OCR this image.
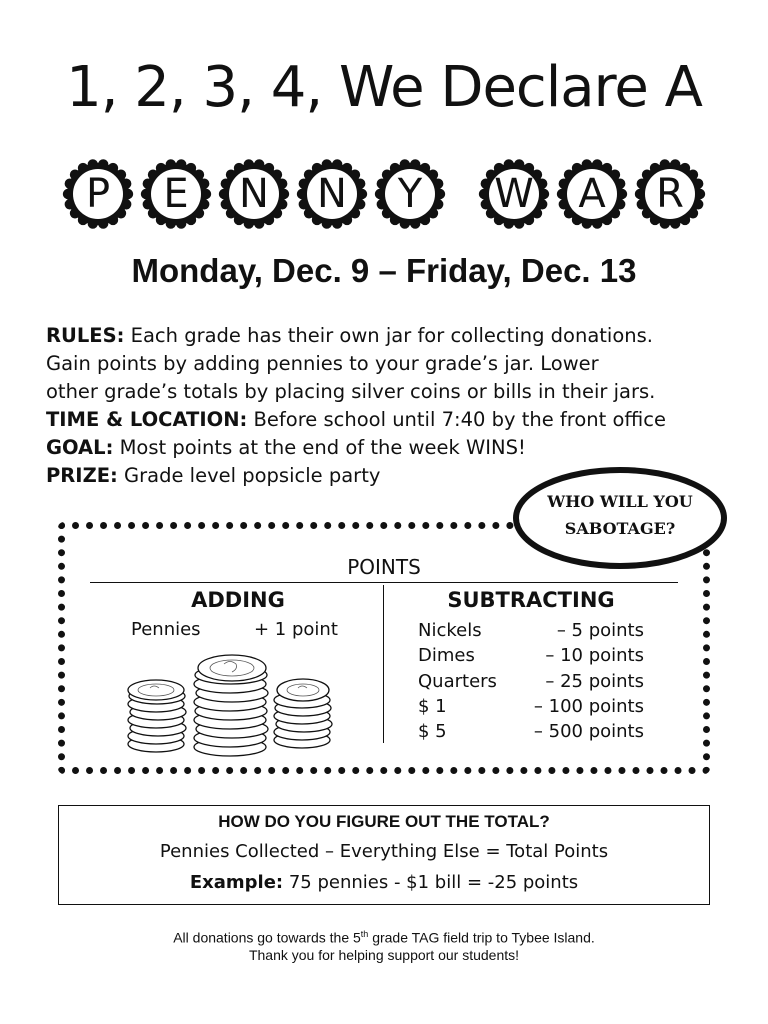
1, 2, 3, 4, We Declare A
P	E	N	N	Y	W	A	R
Monday, Dec. 9 – Friday, Dec. 13

RULES: Each grade has their own jar for collecting donations.

Gain points by adding pennies to your grade’s jar. Lower

other grade’s totals by placing silver coins or bills in their jars.

TIME & LOCATION: Before school until 7:40 by the front office

GOAL: Most points at the end of the week WINS!

PRIZE: Grade level popsicle party

WHO WILL YOU
SABOTAGE?
POINTS
ADDING	SUBTRACTING
Pennies	+ 1 point	Nickels	– 5 points
Dimes	– 10 points
Quarters	– 25 points
$ 1	– 100 points
$ 5	– 500 points
HOW DO YOU FIGURE OUT THE TOTAL?
Pennies Collected – Everything Else = Total Points
Example: 75 pennies - $1 bill = -25 points
All donations go towards the 5th grade TAG field trip to Tybee Island.
Thank you for helping support our students!
